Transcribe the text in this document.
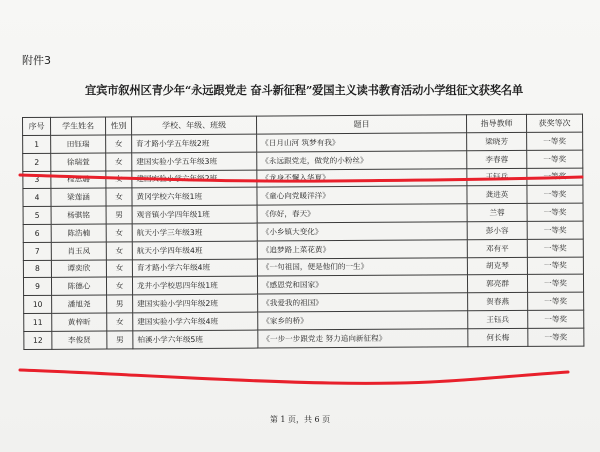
附件3
宜宾市叙州区青少年“永远跟党走 奋斗新征程”爱国主义读书教育活动小学组征文获奖名单
序号	学生姓名	性别	学校、年级、班级	题目	指导教师	获奖等次
1	田钰瑞	女	育才路小学五年级2班	《日月山河 筑梦有我》	梁晓芳	一等奖
2	徐瑞萱	女	建国实验小学五年级3班	《永远跟党走，做党的小粉丝》	李春蓉	一等奖
3	程思璐	女	建国实验小学六年级2班	《龙身不懈入华夏》	王钰兵	一等奖
4	梁莲涵	女	黄冈学校六年级1班	《童心向党暖洋洋》	龚进英	一等奖
5	杨骐铭	男	观音镇小学四年级1班	《你好，春天》	兰蓉	一等奖
6	陈浩楠	女	航天小学三年级3班	《小乡镇大变化》	彭小容	一等奖
7	肖玉凤	女	航天小学四年级4班	《追梦路上菜花黄》	邓有平	一等奖
8	谭奕欣	女	育才路小学六年级4班	《一句祖国，便是他们的一生》	胡克琴	一等奖
9	陈德心	女	龙井小学校思四年级1班	《感恩党和国家》	郭亮群	一等奖
10	潘旭尧	男	建国实验小学四年级2班	《我爱我的祖国》	贺春燕	一等奖
11	黄梓昕	女	建国实验小学六年级4班	《家乡的桥》	王钰兵	一等奖
12	李俊贤	男	柏溪小学六年级5班	《一步一步跟党走 努力追向新征程》	何长梅	一等奖
第 1 页，共 6 页
